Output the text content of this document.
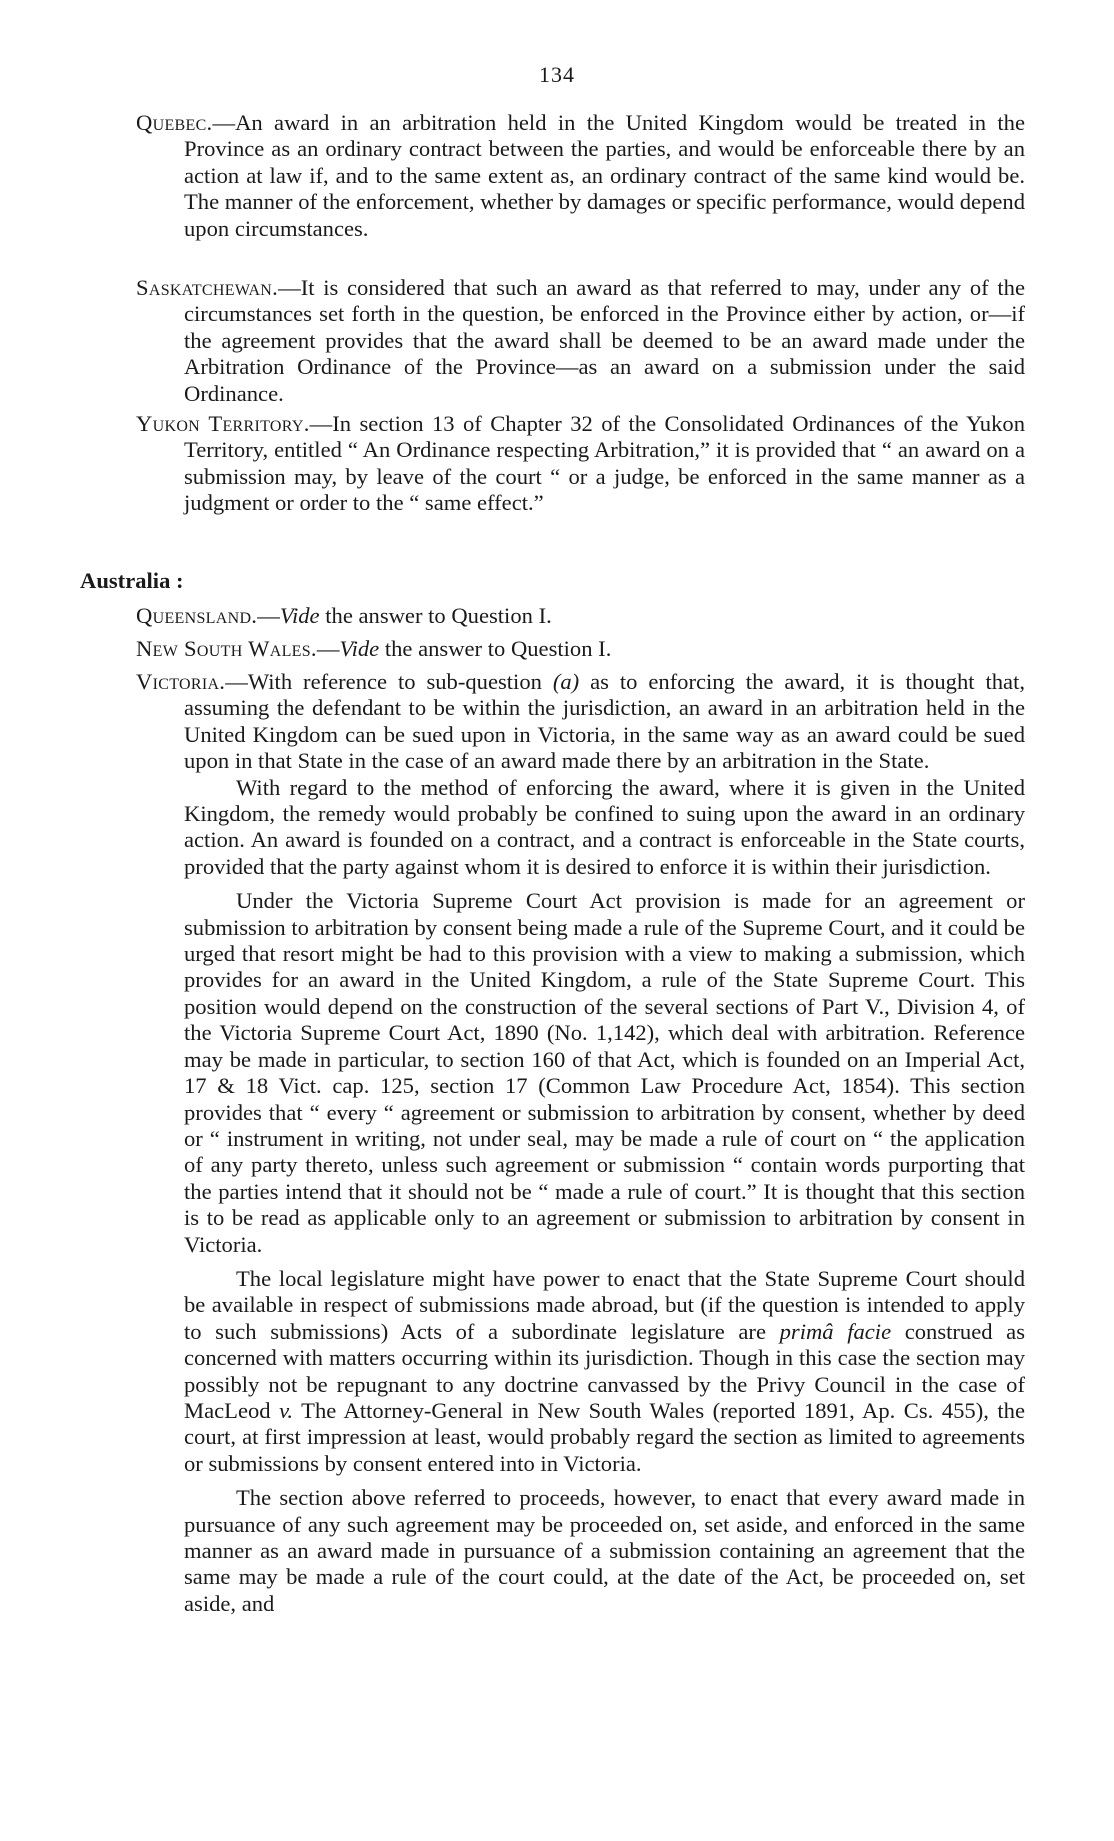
134

Quebec.—An award in an arbitration held in the United Kingdom would be treated in the Province as an ordinary contract between the parties, and would be enforceable there by an action at law if, and to the same extent as, an ordinary contract of the same kind would be. The manner of the enforcement, whether by damages or specific performance, would depend upon circumstances.

Saskatchewan.—It is considered that such an award as that referred to may, under any of the circumstances set forth in the question, be enforced in the Province either by action, or—if the agreement provides that the award shall be deemed to be an award made under the Arbitration Ordinance of the Province—as an award on a submission under the said Ordinance.

Yukon Territory.—In section 13 of Chapter 32 of the Consolidated Ordinances of the Yukon Territory, entitled “ An Ordinance respecting Arbitration,” it is provided that “ an award on a submission may, by leave of the court “ or a judge, be enforced in the same manner as a judgment or order to the “ same effect.”

Australia :
Queensland.—Vide the answer to Question I.
New South Wales.—Vide the answer to Question I.

Victoria.—With reference to sub-question (a) as to enforcing the award, it is thought that, assuming the defendant to be within the jurisdiction, an award in an arbitration held in the United Kingdom can be sued upon in Victoria, in the same way as an award could be sued upon in that State in the case of an award made there by an arbitration in the State.

With regard to the method of enforcing the award, where it is given in the United Kingdom, the remedy would probably be confined to suing upon the award in an ordinary action. An award is founded on a contract, and a contract is enforceable in the State courts, provided that the party against whom it is desired to enforce it is within their jurisdiction.

Under the Victoria Supreme Court Act provision is made for an agreement or submission to arbitration by consent being made a rule of the Supreme Court, and it could be urged that resort might be had to this provision with a view to making a submission, which provides for an award in the United Kingdom, a rule of the State Supreme Court. This position would depend on the construction of the several sections of Part V., Division 4, of the Victoria Supreme Court Act, 1890 (No. 1,142), which deal with arbitration. Reference may be made in particular, to section 160 of that Act, which is founded on an Imperial Act, 17 & 18 Vict. cap. 125, section 17 (Common Law Procedure Act, 1854). This section provides that “ every “ agreement or submission to arbitration by consent, whether by deed or “ instrument in writing, not under seal, may be made a rule of court on “ the application of any party thereto, unless such agreement or submission “ contain words purporting that the parties intend that it should not be “ made a rule of court.” It is thought that this section is to be read as applicable only to an agreement or submission to arbitration by consent in Victoria.

The local legislature might have power to enact that the State Supreme Court should be available in respect of submissions made abroad, but (if the question is intended to apply to such submissions) Acts of a subordinate legislature are primâ facie construed as concerned with matters occurring within its jurisdiction. Though in this case the section may possibly not be repugnant to any doctrine canvassed by the Privy Council in the case of MacLeod v. The Attorney-General in New South Wales (reported 1891, Ap. Cs. 455), the court, at first impression at least, would probably regard the section as limited to agreements or submissions by consent entered into in Victoria.

The section above referred to proceeds, however, to enact that every award made in pursuance of any such agreement may be proceeded on, set aside, and enforced in the same manner as an award made in pursuance of a submission containing an agreement that the same may be made a rule of the court could, at the date of the Act, be proceeded on, set aside, and
